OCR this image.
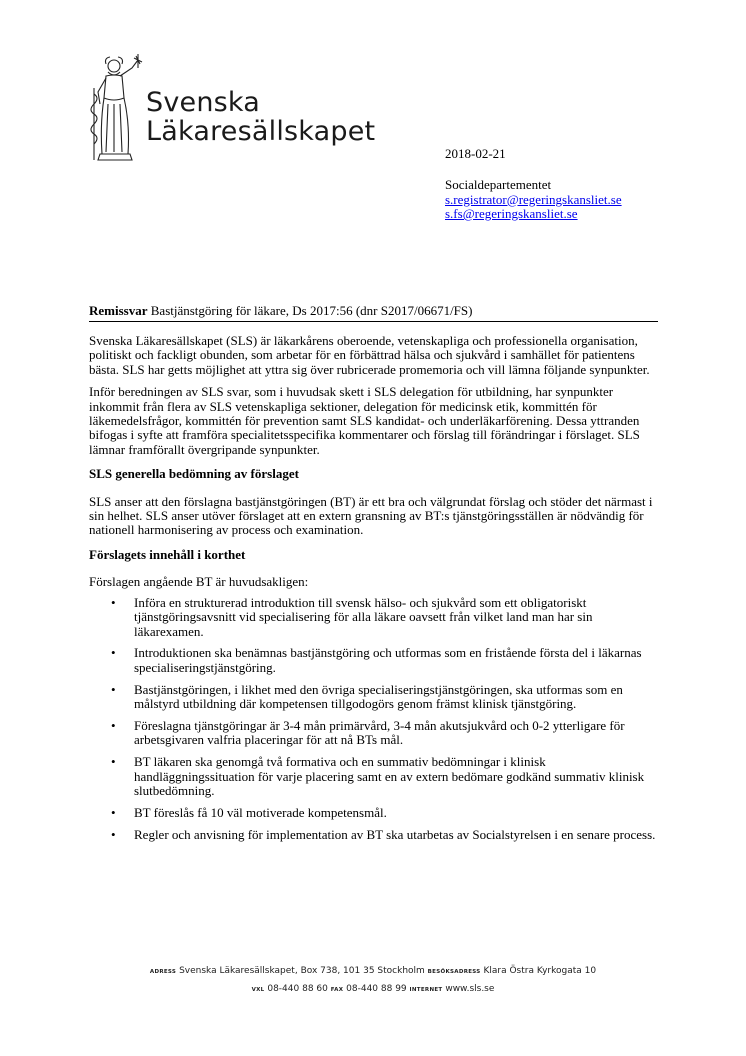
Svenska
Läkaresällskapet
2018-02-21
Socialdepartementet
s.registrator@regeringskansliet.se
s.fs@regeringskansliet.se
Remissvar Bastjänstgöring för läkare, Ds 2017:56 (dnr S2017/06671/FS)

Svenska Läkaresällskapet (SLS) är läkarkårens oberoende, vetenskapliga och professionella organisation, politiskt och fackligt obunden, som arbetar för en förbättrad hälsa och sjukvård i samhället för patientens bästa. SLS har getts möjlighet att yttra sig över rubricerade promemoria och vill lämna följande synpunkter.

Inför beredningen av SLS svar, som i huvudsak skett i SLS delegation för utbildning, har synpunkter inkommit från flera av SLS vetenskapliga sektioner, delegation för medicinsk etik, kommittén för läkemedelsfrågor, kommittén för prevention samt SLS kandidat- och underläkarförening. Dessa yttranden bifogas i syfte att framföra specialitetsspecifika kommentarer och förslag till förändringar i förslaget. SLS lämnar framförallt övergripande synpunkter.

SLS generella bedömning av förslaget

SLS anser att den förslagna bastjänstgöringen (BT) är ett bra och välgrundat förslag och stöder det närmast i sin helhet. SLS anser utöver förslaget att en extern gransning av BT:s tjänstgöringsställen är nödvändig för nationell harmonisering av process och examination.

Förslagets innehåll i korthet

Förslagen angående BT är huvudsakligen:

• Införa en strukturerad introduktion till svensk hälso- och sjukvård som ett obligatoriskt tjänstgöringsavsnitt vid specialisering för alla läkare oavsett från vilket land man har sin läkarexamen.
• Introduktionen ska benämnas bastjänstgöring och utformas som en fristående första del i läkarnas specialiseringstjänstgöring.
• Bastjänstgöringen, i likhet med den övriga specialiseringstjänstgöringen, ska utformas som en målstyrd utbildning där kompetensen tillgodogörs genom främst klinisk tjänstgöring.
• Föreslagna tjänstgöringar är 3-4 mån primärvård, 3-4 mån akutsjukvård och 0-2 ytterligare för arbetsgivaren valfria placeringar för att nå BTs mål.
• BT läkaren ska genomgå två formativa och en summativ bedömningar i klinisk handläggningssituation för varje placering samt en av extern bedömare godkänd summativ klinisk slutbedömning.
• BT föreslås få 10 väl motiverade kompetensmål.
• Regler och anvisning för implementation av BT ska utarbetas av Socialstyrelsen i en senare process.
ADRESS Svenska Läkaresällskapet, Box 738, 101 35 Stockholm BESÖKSADRESS Klara Östra Kyrkogata 10
VXL 08-440 88 60 FAX 08-440 88 99 INTERNET www.sls.se
